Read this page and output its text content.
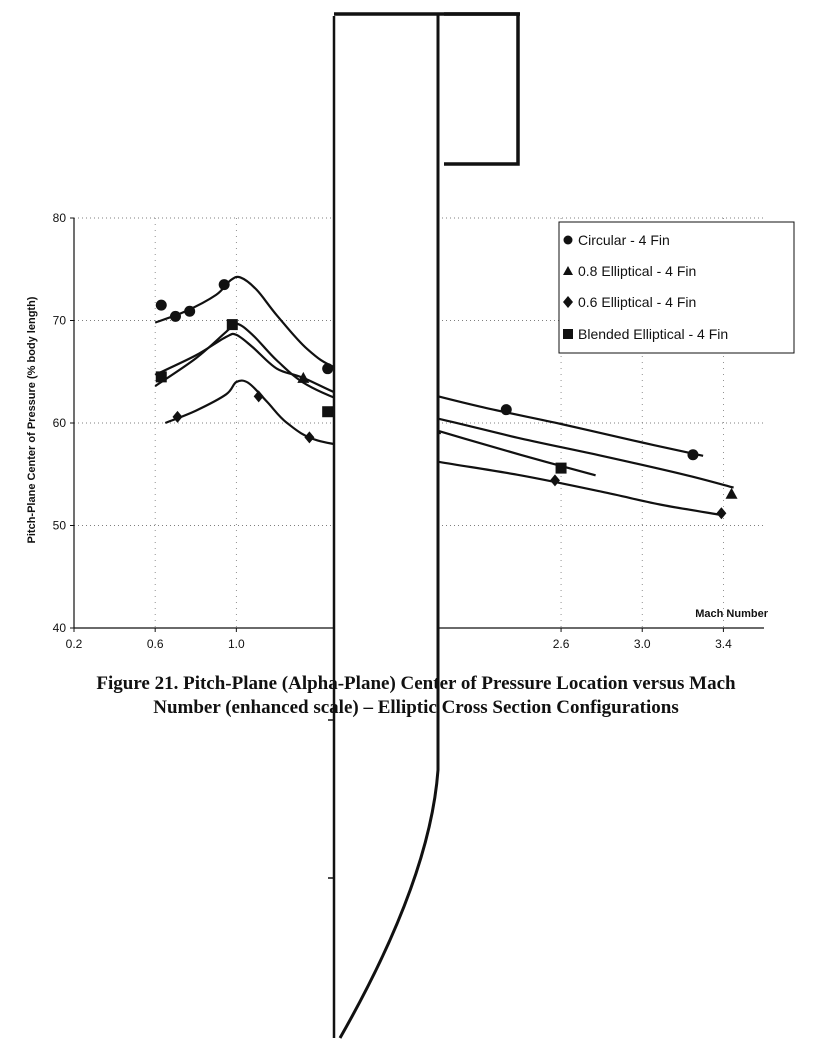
40
50
60
70
80
0.2	0.6	1.0	2.6	3.0	3.4
Circular - 4 Fin
0.8 Elliptical - 4 Fin
0.6 Elliptical - 4 Fin
Blended Elliptical - 4 Fin
Mach Number
Pitch-Plane Center of Pressure (% body length)
Figure 21. Pitch-Plane (Alpha-Plane) Center of Pressure Location versus Mach
Number (enhanced scale) – Elliptic Cross Section Configurations
